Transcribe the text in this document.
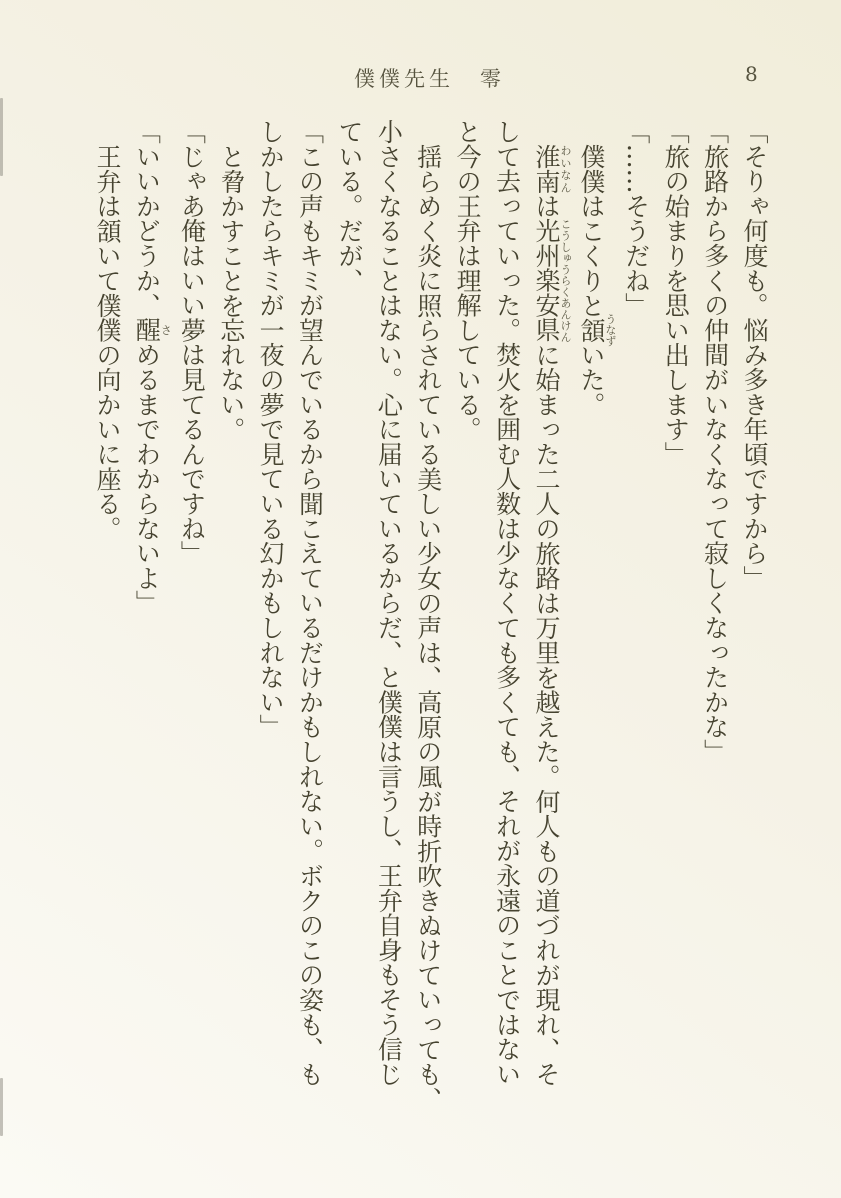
僕僕先生 零	8

「そりゃ何度も。悩み多き年頃ですから」

「旅路から多くの仲間がいなくなって寂しくなったかな」

「旅の始まりを思い出します」

「……そうだね」

僕僕はこくりと頷うなずいた。

淮南わいなんは光州楽安県こうしゅうらくあんけんに始まった二人の旅路は万里を越えた。何人もの道づれが現れ、そ
して去っていった。焚火を囲む人数は少なくても多くても、それが永遠のことではない
と今の王弁は理解している。

揺らめく炎に照らされている美しい少女の声は、高原の風が時折吹きぬけていっても、
小さくなることはない。心に届いているからだ、と僕僕は言うし、王弁自身もそう信じ
ている。だが、

「この声もキミが望んでいるから聞こえているだけかもしれない。ボクのこの姿も、も
しかしたらキミが一夜の夢で見ている幻かもしれない」

と脅かすことを忘れない。

「じゃあ俺はいい夢は見てるんですね」

「いいかどうか、醒さめるまでわからないよ」

王弁は頷いて僕僕の向かいに座る。
